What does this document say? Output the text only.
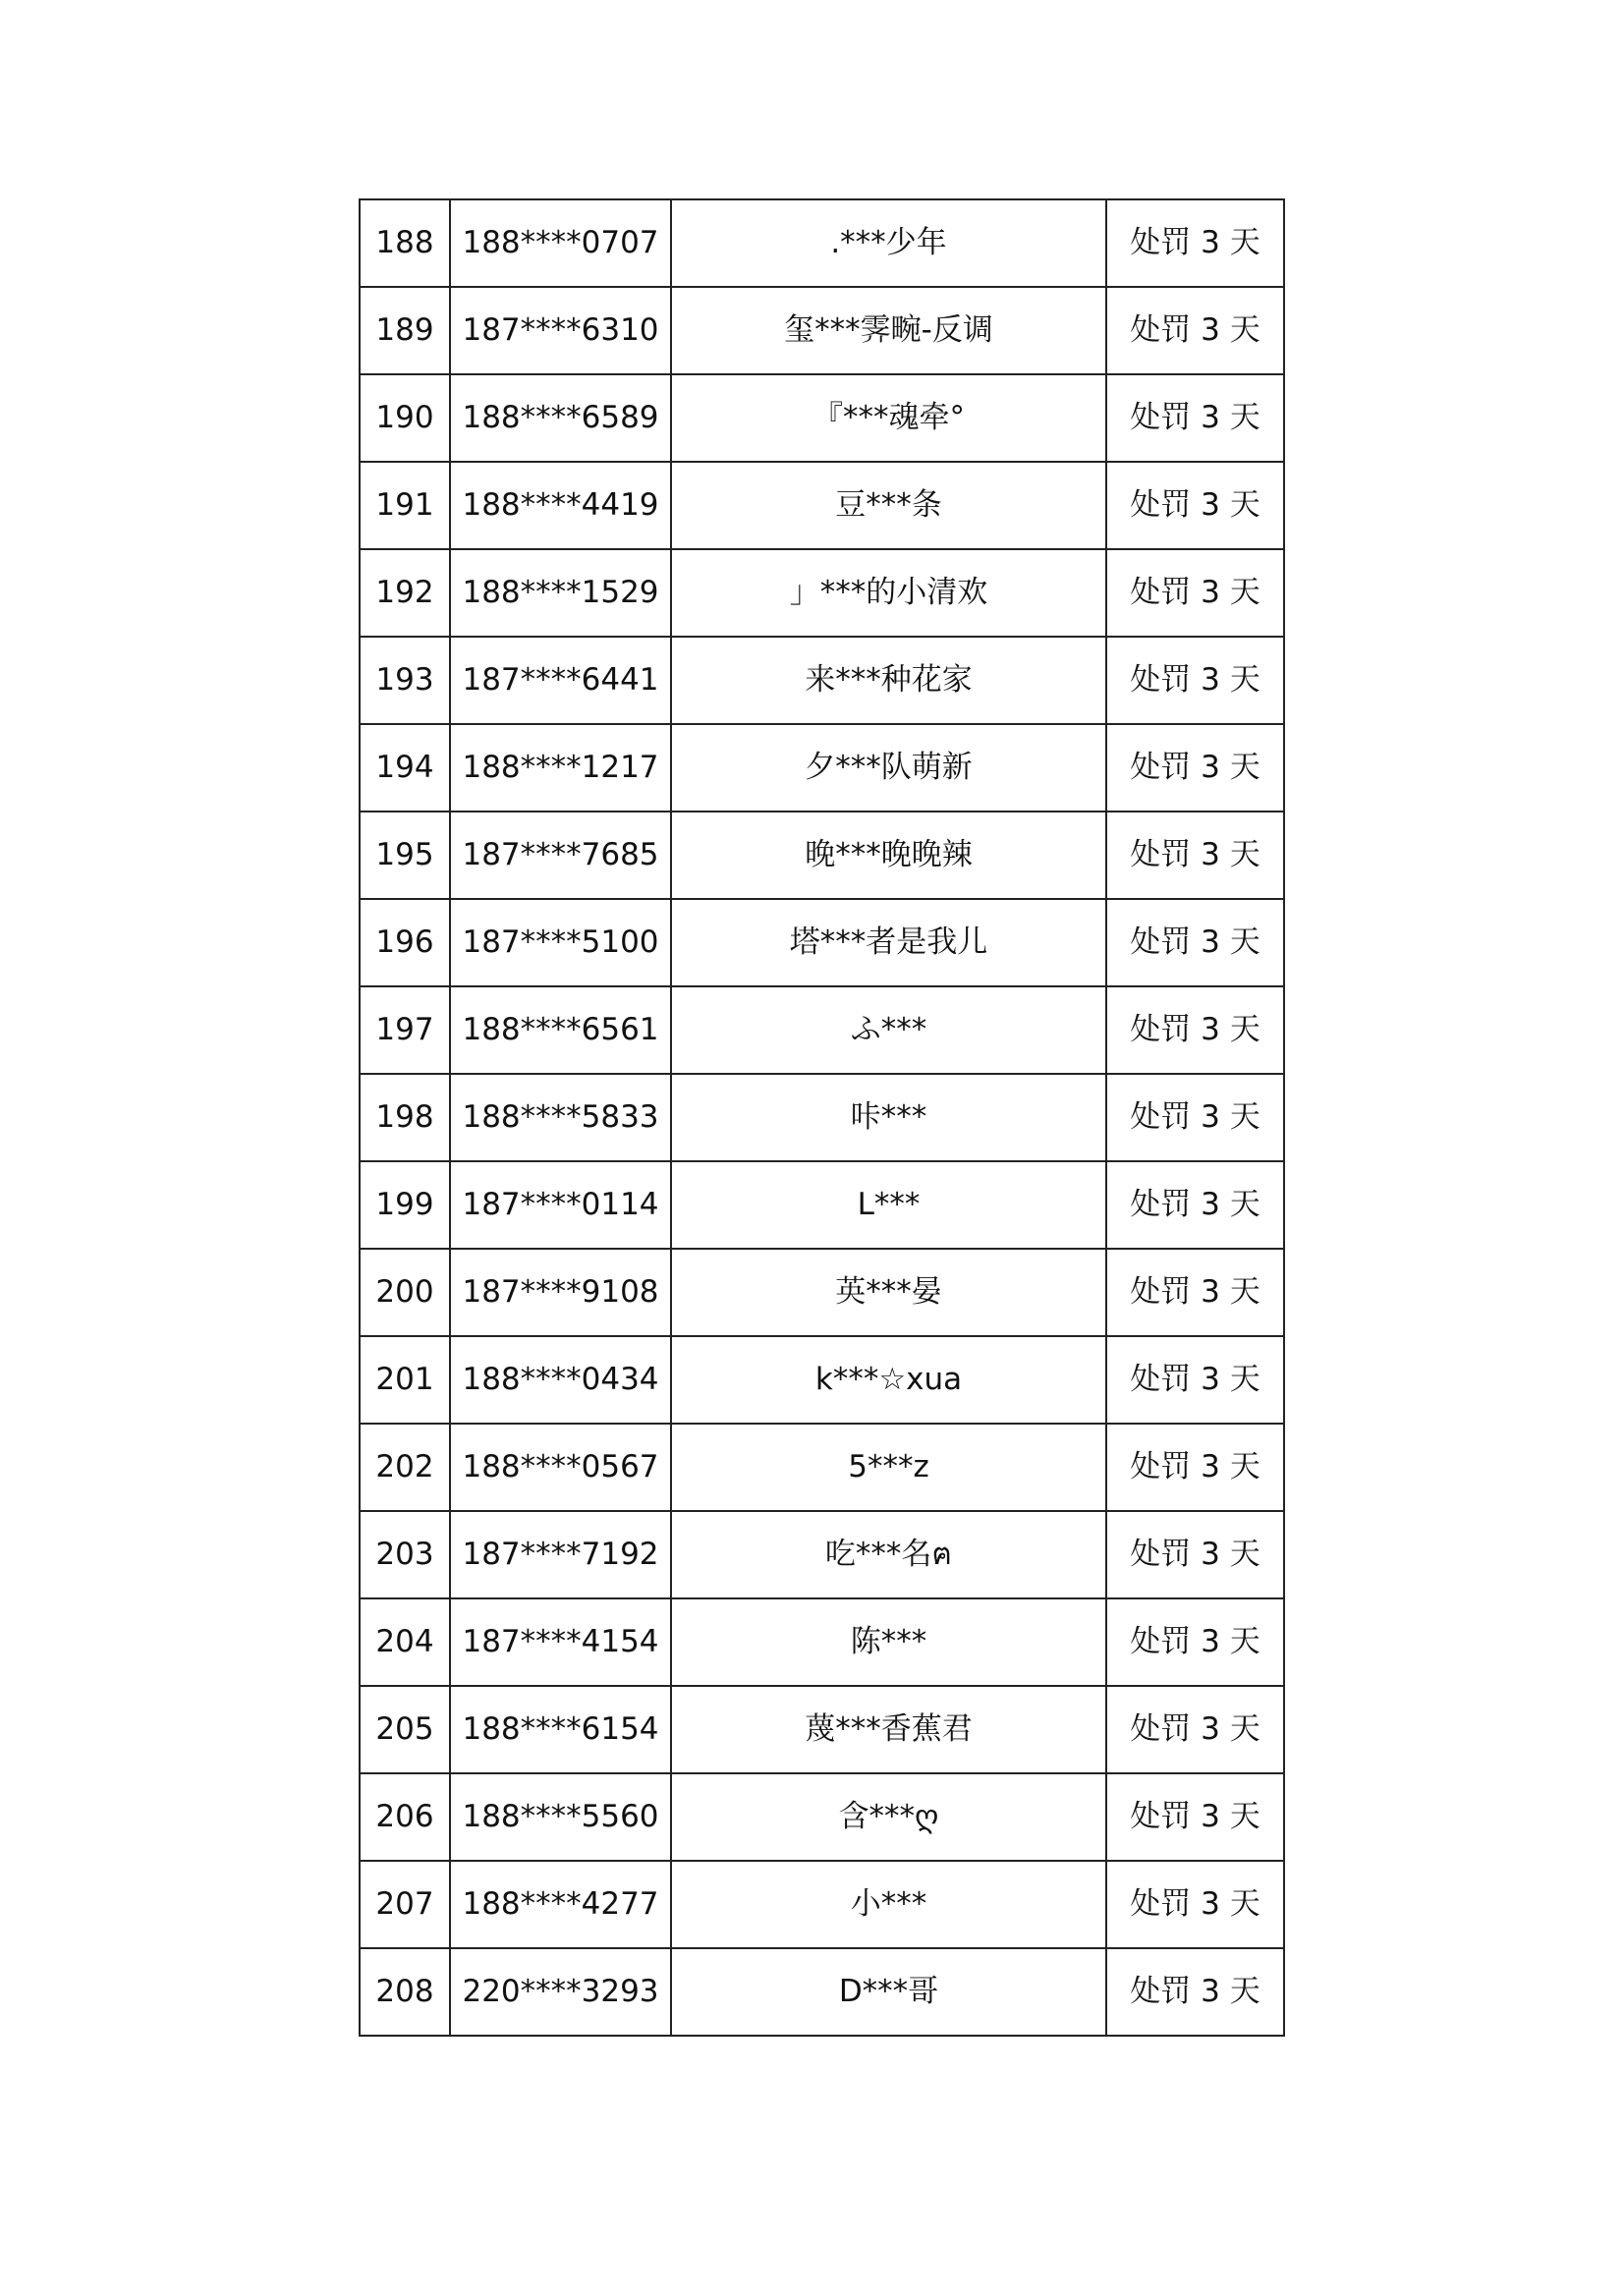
188	188****0707	.***少年	处罚 3 天
189	187****6310	玺***霁畹-反调	处罚 3 天
190	188****6589	『***魂牵°	处罚 3 天
191	188****4419	豆***条	处罚 3 天
192	188****1529	」***的小清欢	处罚 3 天
193	187****6441	来***种花家	处罚 3 天
194	188****1217	夕***队萌新	处罚 3 天
195	187****7685	晚***晚晚辣	处罚 3 天
196	187****5100	塔***者是我儿	处罚 3 天
197	188****6561	ふ***	处罚 3 天
198	188****5833	咔***	处罚 3 天
199	187****0114	L***	处罚 3 天
200	187****9108	英***晏	处罚 3 天
201	188****0434	k***☆xua	处罚 3 天
202	188****0567	5***z	处罚 3 天
203	187****7192	吃***名ฅ	处罚 3 天
204	187****4154	陈***	处罚 3 天
205	188****6154	蔑***香蕉君	处罚 3 天
206	188****5560	含***ღ	处罚 3 天
207	188****4277	小***	处罚 3 天
208	220****3293	D***哥	处罚 3 天
